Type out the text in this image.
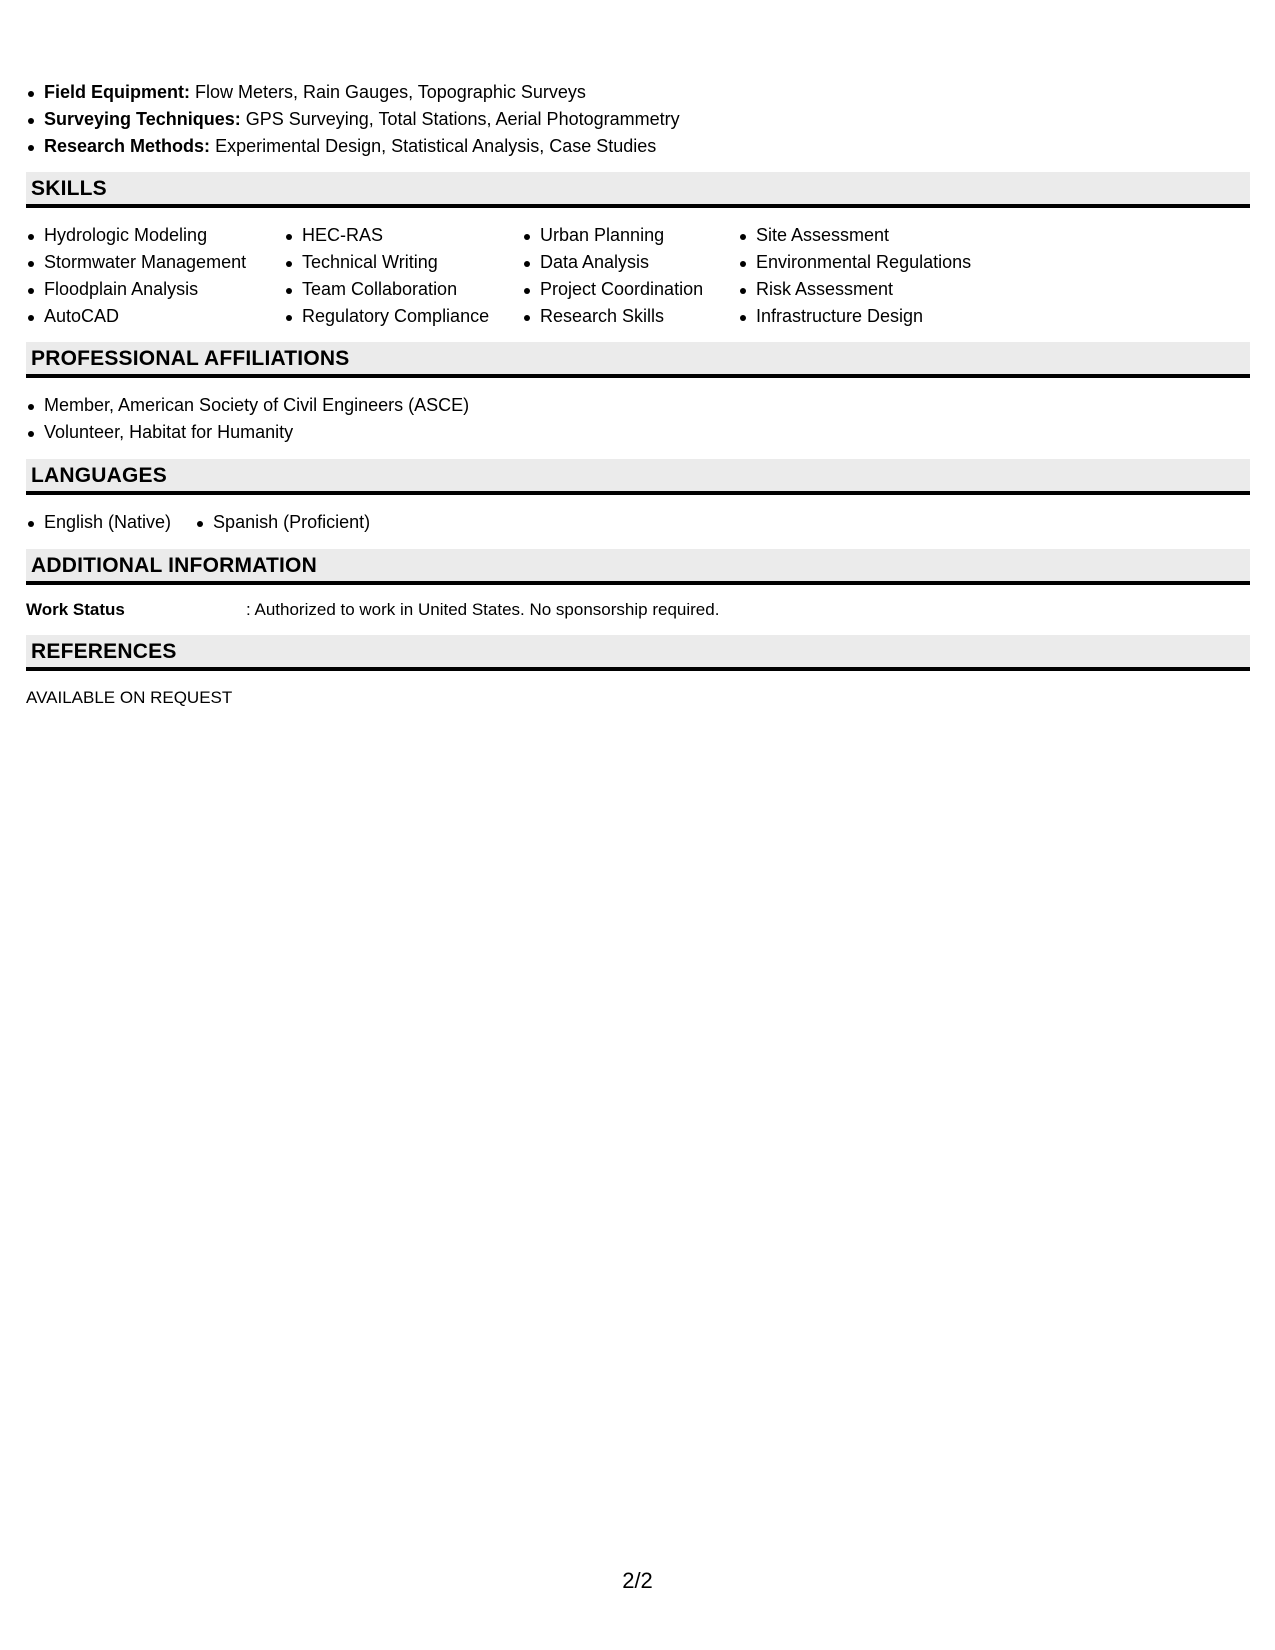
Field Equipment: Flow Meters, Rain Gauges, Topographic Surveys
Surveying Techniques: GPS Surveying, Total Stations, Aerial Photogrammetry
Research Methods: Experimental Design, Statistical Analysis, Case Studies
SKILLS
Hydrologic Modeling
Stormwater Management
Floodplain Analysis
AutoCAD
HEC-RAS
Technical Writing
Team Collaboration
Regulatory Compliance
Urban Planning
Data Analysis
Project Coordination
Research Skills
Site Assessment
Environmental Regulations
Risk Assessment
Infrastructure Design
PROFESSIONAL AFFILIATIONS
Member, American Society of Civil Engineers (ASCE)
Volunteer, Habitat for Humanity
LANGUAGES
English (Native)	Spanish (Proficient)
ADDITIONAL INFORMATION
Work Status	: Authorized to work in United States. No sponsorship required.
REFERENCES
AVAILABLE ON REQUEST
2/2
